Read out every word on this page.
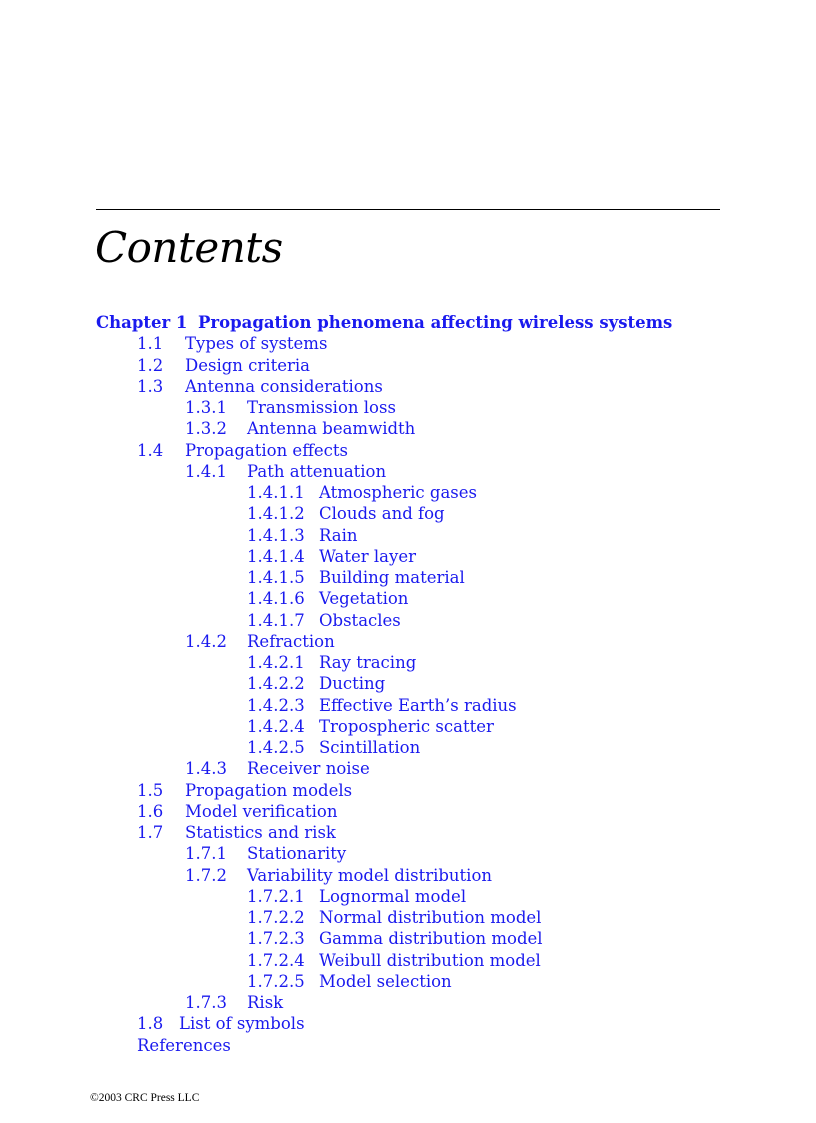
Contents
Chapter 1 Propagation phenomena affecting wireless systems
1.1 Types of systems
1.2 Design criteria
1.3 Antenna considerations
1.3.1 Transmission loss
1.3.2 Antenna beamwidth
1.4 Propagation effects
1.4.1 Path attenuation
1.4.1.1 Atmospheric gases
1.4.1.2 Clouds and fog
1.4.1.3 Rain
1.4.1.4 Water layer
1.4.1.5 Building material
1.4.1.6 Vegetation
1.4.1.7 Obstacles
1.4.2 Refraction
1.4.2.1 Ray tracing
1.4.2.2 Ducting
1.4.2.3 Effective Earth’s radius
1.4.2.4 Tropospheric scatter
1.4.2.5 Scintillation
1.4.3 Receiver noise
1.5 Propagation models
1.6 Model verification
1.7 Statistics and risk
1.7.1 Stationarity
1.7.2 Variability model distribution
1.7.2.1 Lognormal model
1.7.2.2 Normal distribution model
1.7.2.3 Gamma distribution model
1.7.2.4 Weibull distribution model
1.7.2.5 Model selection
1.7.3 Risk
1.8 List of symbols
References
©2003 CRC Press LLC
